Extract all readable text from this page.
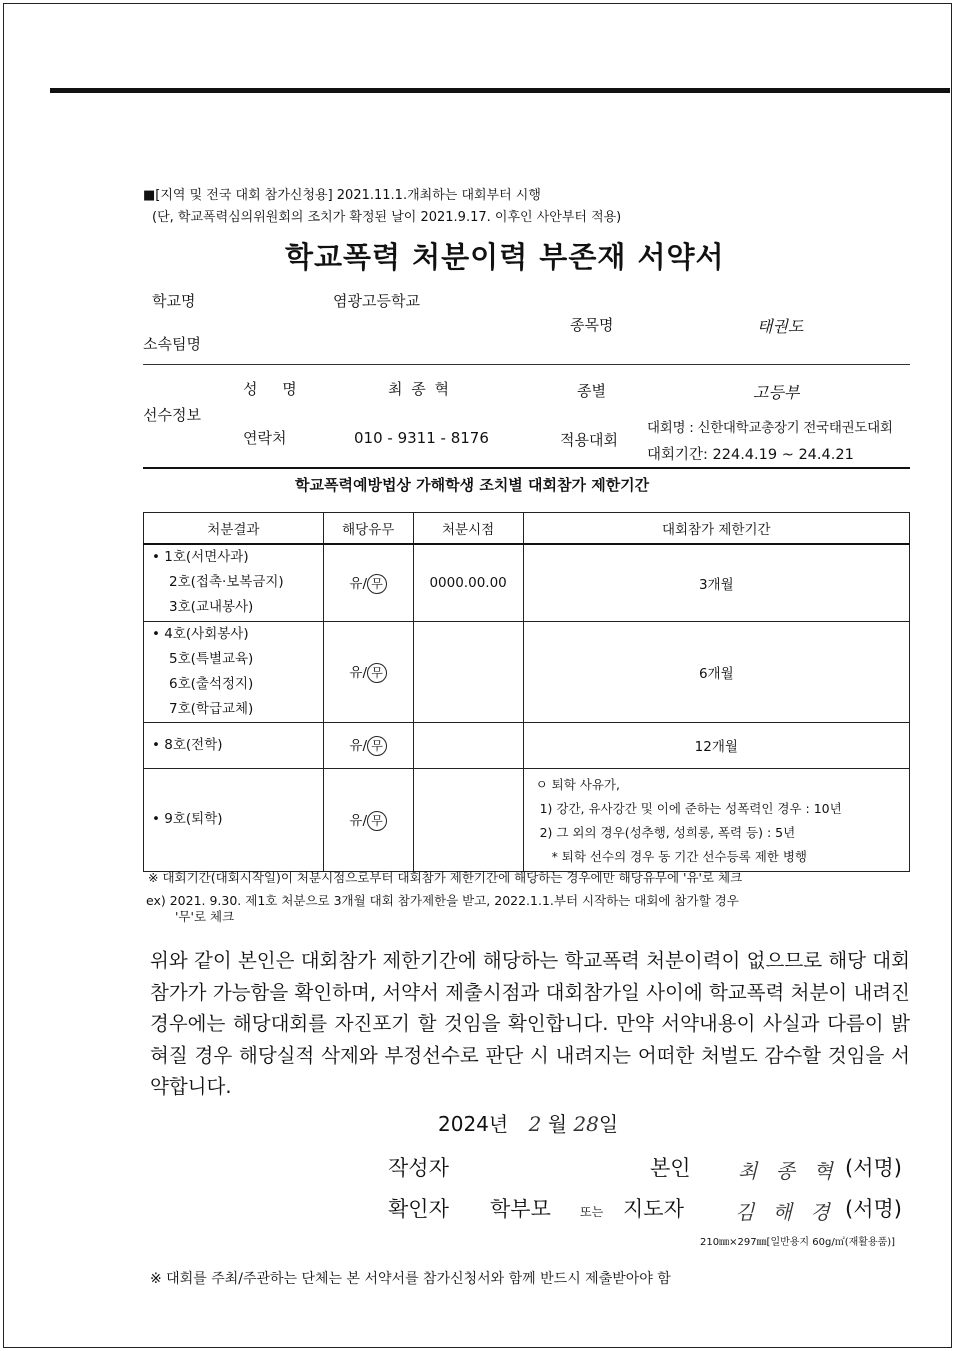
■[지역 및 전국 대회 참가신청용] 2021.11.1.개최하는 대회부터 시행
(단, 학교폭력심의위원회의 조치가 확정된 날이 2021.9.17. 이후인 사안부터 적용)
학교폭력 처분이력 부존재 서약서
학교명	염광고등학교
종목명	태권도
소속팀명
성 명	최 종 혁	종별	고등부
선수정보
연락처	010 - 9311 - 8176	적용대회
대회명 : 신한대학교총장기 전국태권도대회
대회기간: 224.4.19 ~ 24.4.21
학교폭력예방법상 가해학생 조치별 대회참가 제한기간
처분결과	해당유무	처분시점	대회참가 제한기간

• 1호(서면사과)
2호(접촉·보복금지)
3호(교내봉사)	유/ 무	0000.00.00	3개월

• 4호(사회봉사)
5호(특별교육)
6호(출석정지)
7호(학급교체)	유/ 무		6개월

• 8호(전학)	유/ 무		12개월

• 9호(퇴학)	유/ 무		ㅇ 퇴학 사유가,
1) 강간, 유사강간 및 이에 준하는 성폭력인 경우 : 10년
2) 그 외의 경우(성추행, 성희롱, 폭력 등) : 5년
* 퇴학 선수의 경우 동 기간 선수등록 제한 병행
※ 대회기간(대회시작일)이 처분시점으로부터 대회참가 제한기간에 해당하는 경우에만 해당유무에 '유'로 체크
ex) 2021. 9.30. 제1호 처분으로 3개월 대회 참가제한을 받고, 2022.1.1.부터 시작하는 대회에 참가할 경우
'무'로 체크
위와 같이 본인은 대회참가 제한기간에 해당하는 학교폭력 처분이력이 없으므로 해당 대회 참가가 가능함을 확인하며, 서약서 제출시점과 대회참가일 사이에 학교폭력 처분이 내려진 경우에는 해당대회를 자진포기 할 것임을 확인합니다. 만약 서약내용이 사실과 다름이 밝혀질 경우 해당실적 삭제와 부정선수로 판단 시 내려지는 어떠한 처벌도 감수할 것임을 서약합니다.
2024년 2 월 28일
작성자	본인 최 종 혁 (서명)
확인자 학부모 또는 지도자	김 해 경 (서명)
210㎜×297㎜[일반용지 60g/㎡(재활용품)]
※ 대회를 주최/주관하는 단체는 본 서약서를 참가신청서와 함께 반드시 제출받아야 함
